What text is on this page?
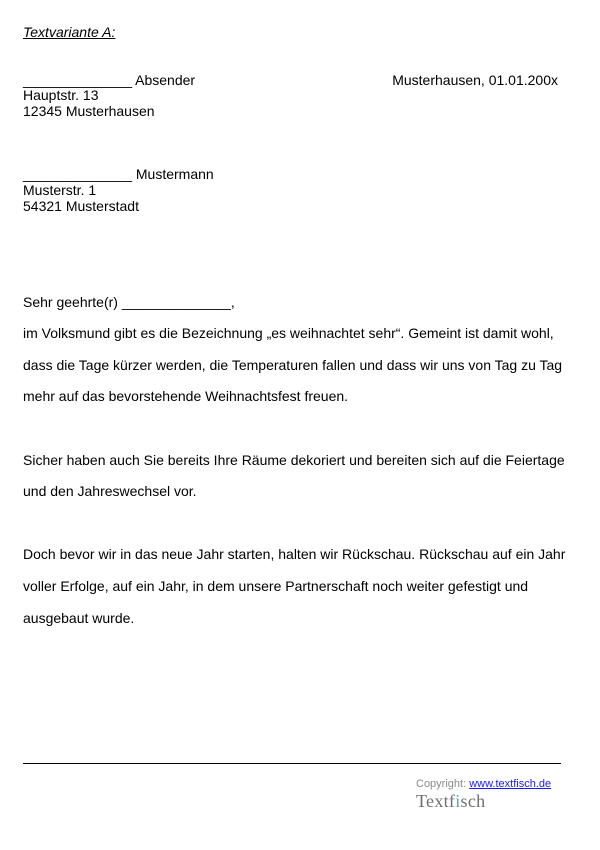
Textvariante A:
______________ Absender
Hauptstr. 13
12345 Musterhausen
Musterhausen, 01.01.200x
______________ Mustermann
Musterstr. 1
54321 Musterstadt
Sehr geehrte(r) ______________,
im Volksmund gibt es die Bezeichnung „es weihnachtet sehr“. Gemeint ist damit wohl,
dass die Tage kürzer werden, die Temperaturen fallen und dass wir uns von Tag zu Tag
mehr auf das bevorstehende Weihnachtsfest freuen.
Sicher haben auch Sie bereits Ihre Räume dekoriert und bereiten sich auf die Feiertage
und den Jahreswechsel vor.
Doch bevor wir in das neue Jahr starten, halten wir Rückschau. Rückschau auf ein Jahr
voller Erfolge, auf ein Jahr, in dem unsere Partnerschaft noch weiter gefestigt und
ausgebaut wurde.
Copyright: www.textfisch.de
Textfisch
